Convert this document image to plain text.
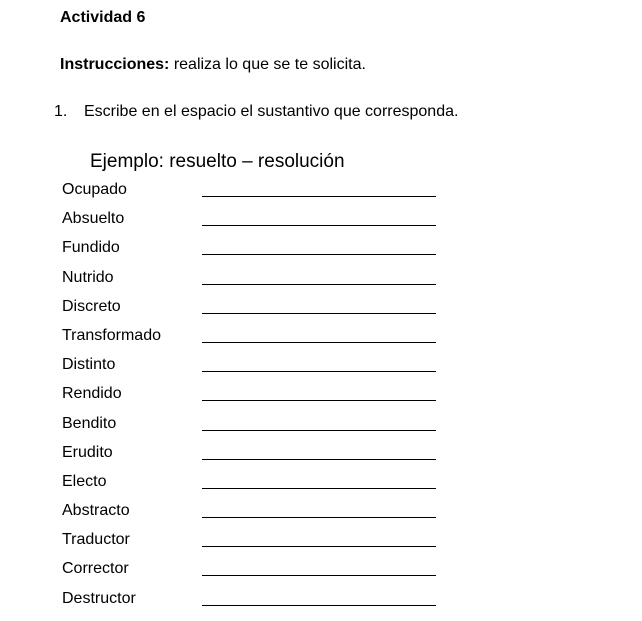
Actividad 6
Instrucciones: realiza lo que se te solicita.
1. Escribe en el espacio el sustantivo que corresponda.
Ejemplo: resuelto – resolución
Ocupado
Absuelto
Fundido
Nutrido
Discreto
Transformado
Distinto
Rendido
Bendito
Erudito
Electo
Abstracto
Traductor
Corrector
Destructor
